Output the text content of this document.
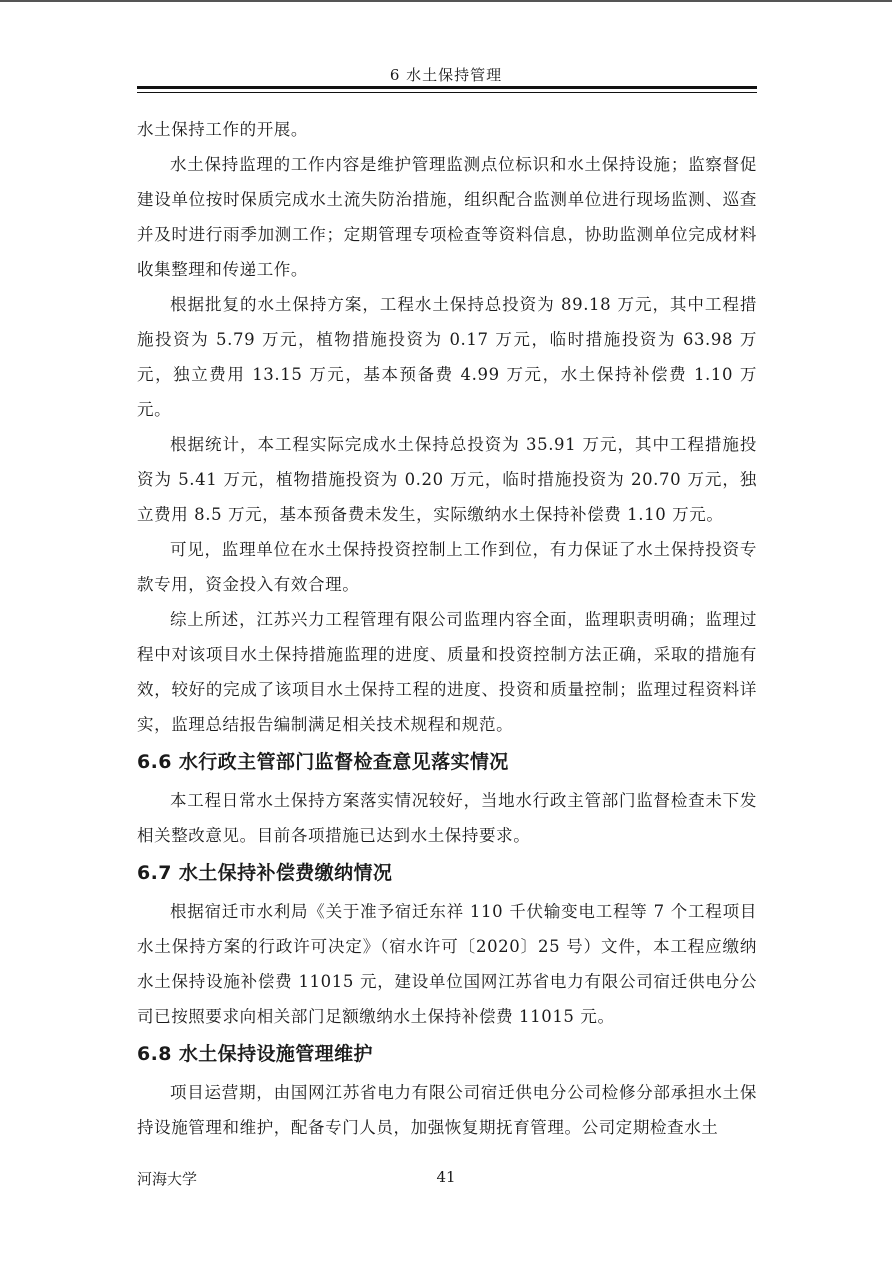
6 水土保持管理

水土保持工作的开展。

水土保持监理的工作内容是维护管理监测点位标识和水土保持设施；监察督促建设单位按时保质完成水土流失防治措施，组织配合监测单位进行现场监测、巡查并及时进行雨季加测工作；定期管理专项检查等资料信息，协助监测单位完成材料收集整理和传递工作。

根据批复的水土保持方案，工程水土保持总投资为 89.18 万元，其中工程措施投资为 5.79 万元，植物措施投资为 0.17 万元，临时措施投资为 63.98 万元，独立费用 13.15 万元，基本预备费 4.99 万元，水土保持补偿费 1.10 万元。

根据统计，本工程实际完成水土保持总投资为 35.91 万元，其中工程措施投资为 5.41 万元，植物措施投资为 0.20 万元，临时措施投资为 20.70 万元，独立费用 8.5 万元，基本预备费未发生，实际缴纳水土保持补偿费 1.10 万元。

可见，监理单位在水土保持投资控制上工作到位，有力保证了水土保持投资专款专用，资金投入有效合理。

综上所述，江苏兴力工程管理有限公司监理内容全面，监理职责明确；监理过程中对该项目水土保持措施监理的进度、质量和投资控制方法正确，采取的措施有效，较好的完成了该项目水土保持工程的进度、投资和质量控制；监理过程资料详实，监理总结报告编制满足相关技术规程和规范。

6.6 水行政主管部门监督检查意见落实情况

本工程日常水土保持方案落实情况较好，当地水行政主管部门监督检查未下发相关整改意见。目前各项措施已达到水土保持要求。

6.7 水土保持补偿费缴纳情况

根据宿迁市水利局《关于准予宿迁东祥 110 千伏输变电工程等 7 个工程项目水土保持方案的行政许可决定》（宿水许可〔2020〕25 号）文件，本工程应缴纳水土保持设施补偿费 11015 元，建设单位国网江苏省电力有限公司宿迁供电分公司已按照要求向相关部门足额缴纳水土保持补偿费 11015 元。

6.8 水土保持设施管理维护

项目运营期，由国网江苏省电力有限公司宿迁供电分公司检修分部承担水土保持设施管理和维护，配备专门人员，加强恢复期抚育管理。公司定期检查水土

河海大学	41
